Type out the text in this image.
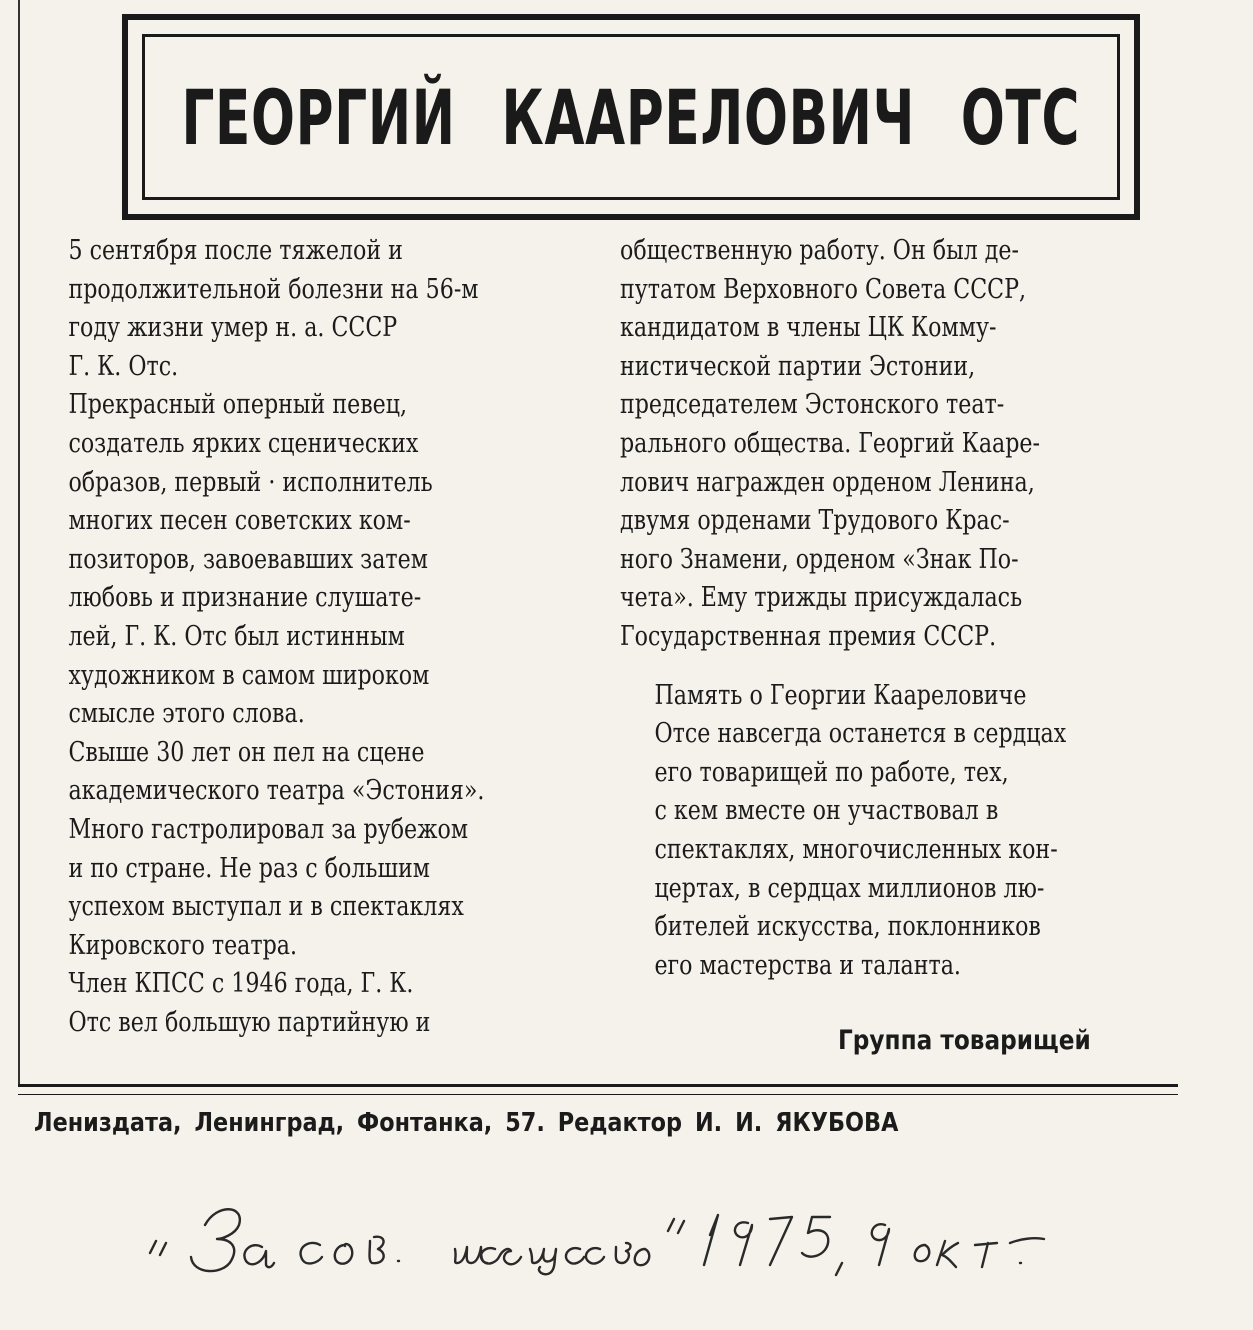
ГЕОРГИЙ КААРЕЛОВИЧ ОТС

5 сентября после тяжелой и
продолжительной болезни на 56-м
году жизни умер н. а. СССР
Г. К. Отс.

Прекрасный оперный певец,
создатель ярких сценических
образов, первый · исполнитель
многих песен советских ком-
позиторов, завоевавших затем
любовь и признание слушате-
лей, Г. К. Отс был истинным
художником в самом широком
смысле этого слова.

Свыше 30 лет он пел на сцене
академического театра «Эстония».
Много гастролировал за рубежом
и по стране. Не раз с большим
успехом выступал и в спектаклях
Кировского театра.

Член КПСС с 1946 года, Г. К.
Отс вел большую партийную и

общественную работу. Он был де-
путатом Верховного Совета СССР,
кандидатом в члены ЦК Комму-
нистической партии Эстонии,
председателем Эстонского теат-
рального общества. Георгий Кааре-
лович награжден орденом Ленина,
двумя орденами Трудового Крас-
ного Знамени, орденом «Знак По-
чета». Ему трижды присуждалась
Государственная премия СССР.

Память о Георгии Каареловиче
Отсе навсегда останется в сердцах
его товарищей по работе, тех,
с кем вместе он участвовал в
спектаклях, многочисленных кон-
цертах, в сердцах миллионов лю-
бителей искусства, поклонников
его мастерства и таланта.

Группа товарищей
Лениздата, Ленинград, Фонтанка, 57. Редактор И. И. ЯКУБОВА
